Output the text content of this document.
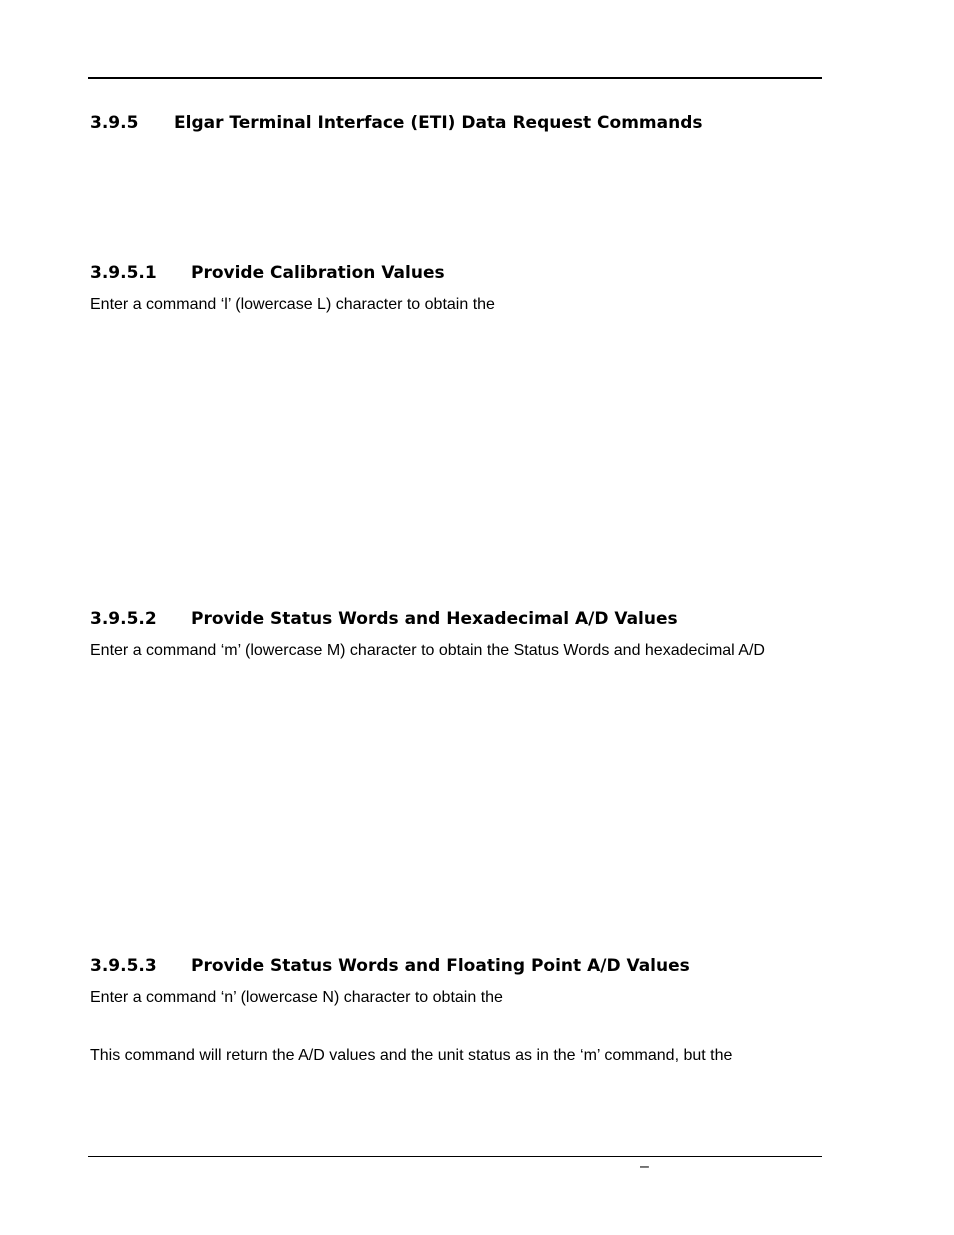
3.9.5 Elgar Terminal Interface (ETI) Data Request Commands
3.9.5.1 Provide Calibration Values
Enter a command ‘l’ (lowercase L) character to obtain the
3.9.5.2 Provide Status Words and Hexadecimal A/D Values
Enter a command ‘m’ (lowercase M) character to obtain the Status Words and hexadecimal A/D
3.9.5.3 Provide Status Words and Floating Point A/D Values
Enter a command ‘n’ (lowercase N) character to obtain the
This command will return the A/D values and the unit status as in the ‘m’ command, but the
–
